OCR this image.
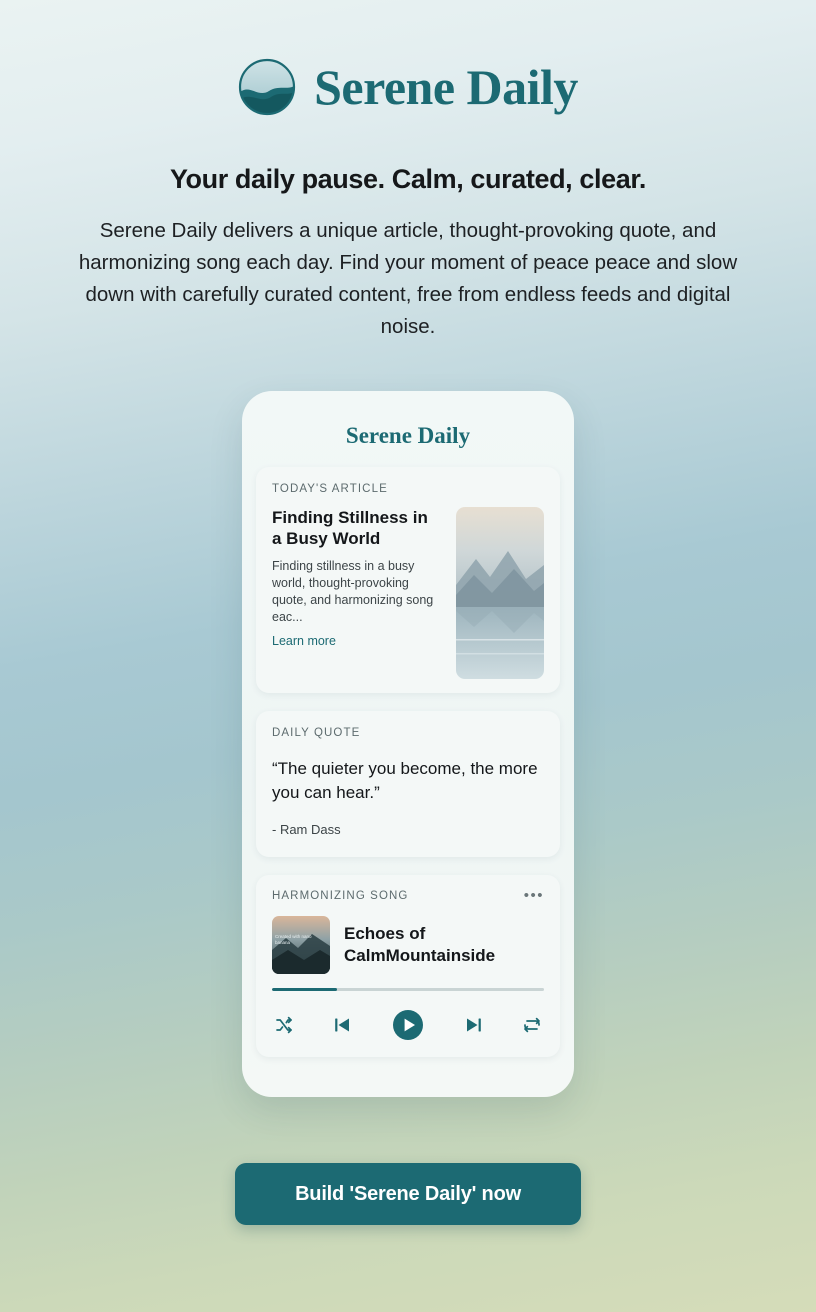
Serene Daily
Your daily pause. Calm, curated, clear.

Serene Daily delivers a unique article, thought-provoking quote, and harmonizing song each day. Find your moment of peace peace and slow down with carefully curated content, free from endless feeds and digital noise.

Serene Daily
TODAY'S ARTICLE
Finding Stillness in a Busy World
Finding stillness in a busy world, thought-provoking quote, and harmonizing song eac...
Learn more
DAILY QUOTE
“The quieter you become, the more you can hear.”
- Ram Dass
HARMONIZING SONG	•••
Created with nano banana	Echoes of CalmMountainside
Build 'Serene Daily' now
